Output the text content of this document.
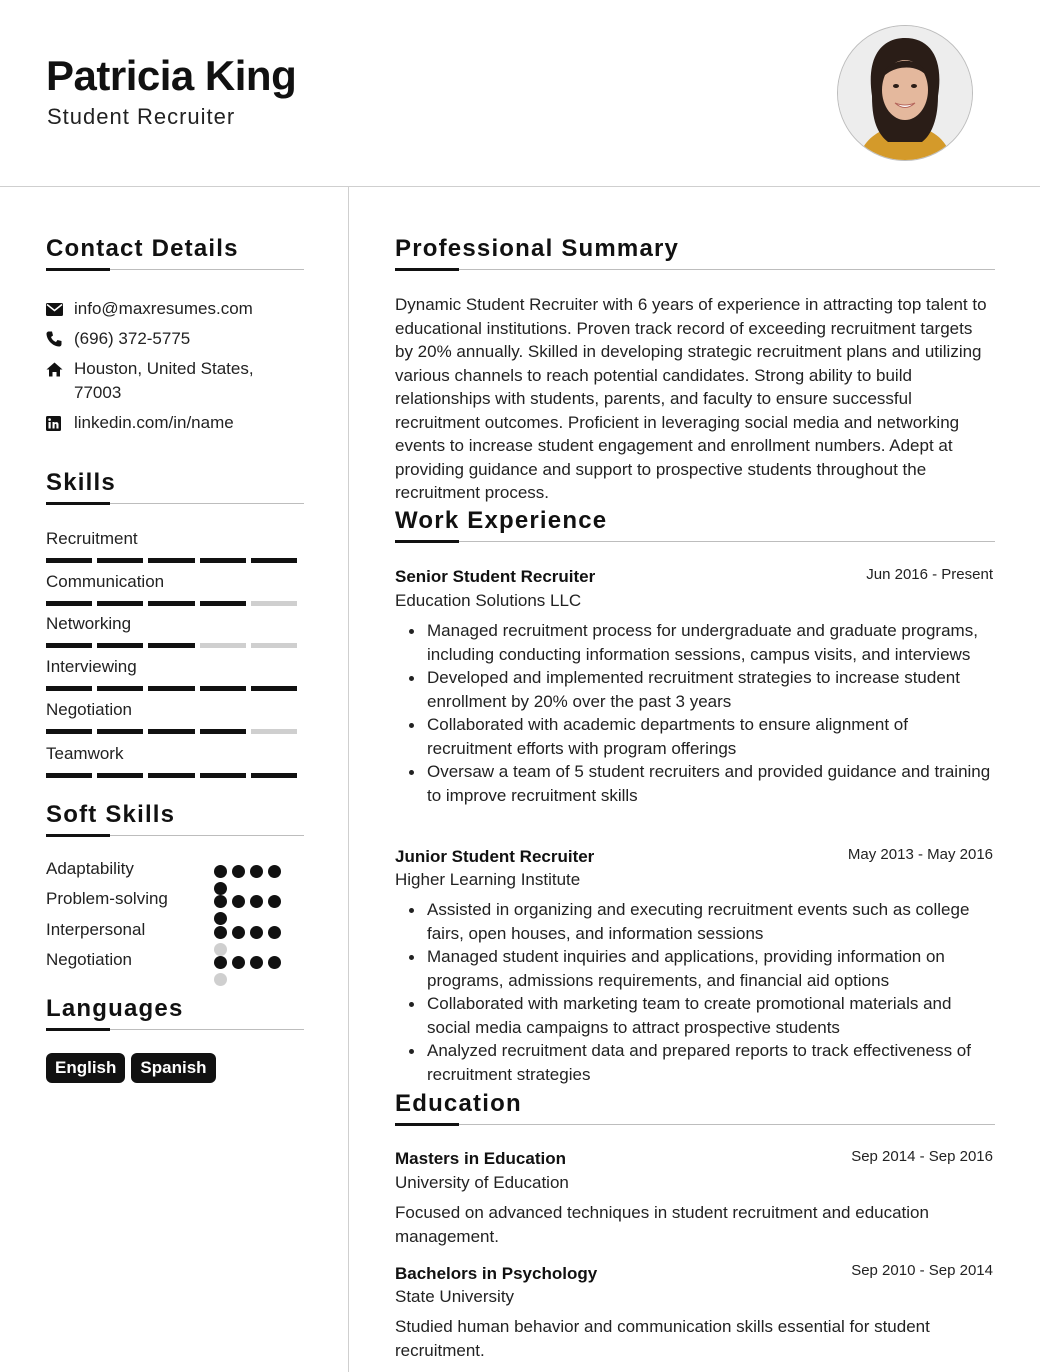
Patricia King
Student Recruiter
Contact Details
info@maxresumes.com
(696) 372-5775
Houston, United States, 77003
linkedin.com/in/name
Skills
Recruitment
Communication
Networking
Interviewing
Negotiation
Teamwork
Soft Skills
Adaptability
Problem-solving
Interpersonal
Negotiation
Languages
English	Spanish
Professional Summary

Dynamic Student Recruiter with 6 years of experience in attracting top talent to educational institutions. Proven track record of exceeding recruitment targets by 20% annually. Skilled in developing strategic recruitment plans and utilizing various channels to reach potential candidates. Strong ability to build relationships with students, parents, and faculty to ensure successful recruitment outcomes. Proficient in leveraging social media and networking events to increase student engagement and enrollment numbers. Adept at providing guidance and support to prospective students throughout the recruitment process.

Work Experience
Senior Student Recruiter	Jun 2016 - Present
Education Solutions LLC
Managed recruitment process for undergraduate and graduate programs, including conducting information sessions, campus visits, and interviews
Developed and implemented recruitment strategies to increase student enrollment by 20% over the past 3 years
Collaborated with academic departments to ensure alignment of recruitment efforts with program offerings
Oversaw a team of 5 student recruiters and provided guidance and training to improve recruitment skills
Junior Student Recruiter	May 2013 - May 2016
Higher Learning Institute
Assisted in organizing and executing recruitment events such as college fairs, open houses, and information sessions
Managed student inquiries and applications, providing information on programs, admissions requirements, and financial aid options
Collaborated with marketing team to create promotional materials and social media campaigns to attract prospective students
Analyzed recruitment data and prepared reports to track effectiveness of recruitment strategies
Education
Masters in Education	Sep 2014 - Sep 2016
University of Education

Focused on advanced techniques in student recruitment and education management.

Bachelors in Psychology	Sep 2010 - Sep 2014
State University

Studied human behavior and communication skills essential for student recruitment.
